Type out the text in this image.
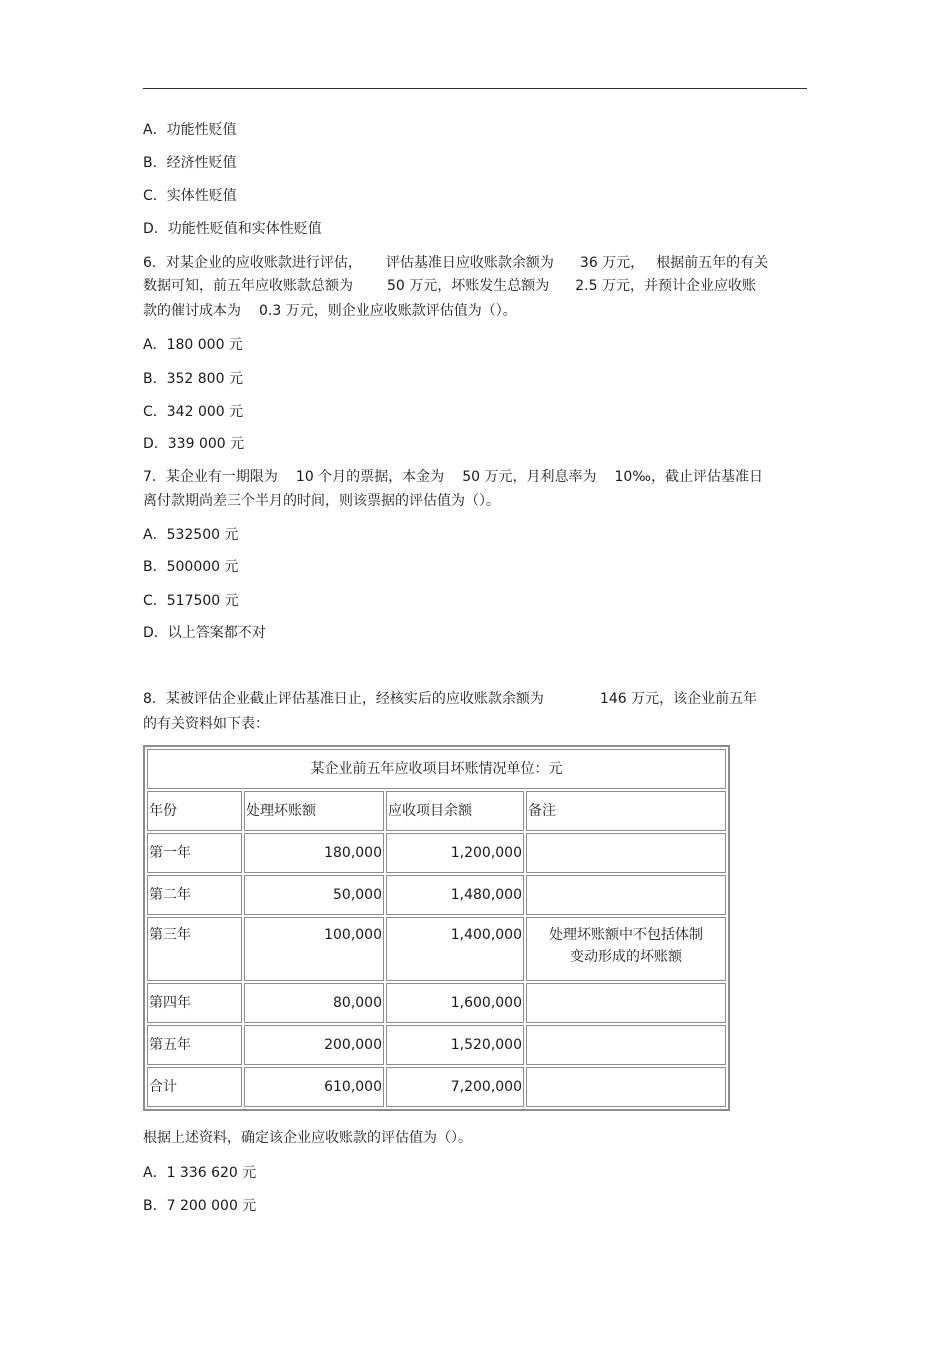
A．功能性贬值
B．经济性贬值
C．实体性贬值
D．功能性贬值和实体性贬值
6．对某企业的应收账款进行评估， 评估基准日应收账款余额为 36 万元， 根据前五年的有关
数据可知，前五年应收账款总额为 50 万元，坏账发生总额为 2.5 万元，并预计企业应收账
款的催讨成本为 0.3 万元，则企业应收账款评估值为（）。
A．180 000 元
B．352 800 元
C．342 000 元
D．339 000 元
7．某企业有一期限为 10 个月的票据，本金为 50 万元，月利息率为 10‰，截止评估基准日
离付款期尚差三个半月的时间，则该票据的评估值为（）。
A．532500 元
B．500000 元
C．517500 元
D．以上答案都不对
8．某被评估企业截止评估基准日止，经核实后的应收账款余额为	146 万元，该企业前五年
的有关资料如下表：
某企业前五年应收项目坏账情况单位：元			
年份	处理坏账额	应收项目余额	备注
第一年	180,000	1,200,000	
第二年	50,000	1,480,000	
第三年	100,000	1,400,000	处理坏账额中不包括体制
变动形成的坏账额

第四年	80,000	1,600,000	
第五年	200,000	1,520,000	
合计	610,000	7,200,000	
根据上述资料，确定该企业应收账款的评估值为（）。
A．1 336 620 元
B．7 200 000 元
